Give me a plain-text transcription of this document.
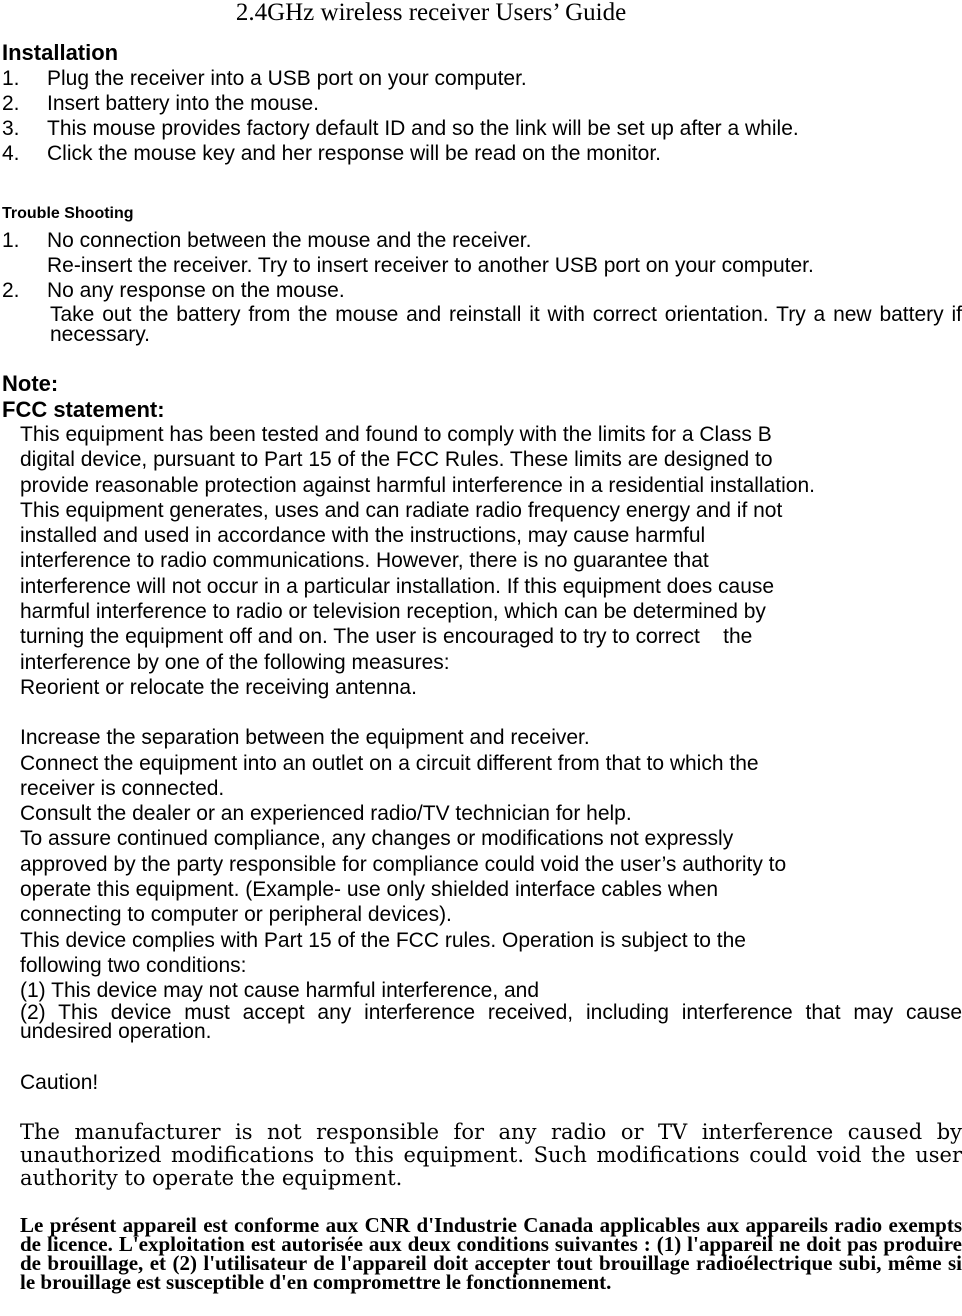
2.4GHz wireless receiver Users’ Guide
Installation
1. Plug the receiver into a USB port on your computer.
2. Insert battery into the mouse.
3. This mouse provides factory default ID and so the link will be set up after a while.
4. Click the mouse key and her response will be read on the monitor.
Trouble Shooting
1. No connection between the mouse and the receiver.
Re-insert the receiver. Try to insert receiver to another USB port on your computer.
2. No any response on the mouse.
Take out the battery from the mouse and reinstall it with correct orientation. Try a new battery if necessary.
Note:
FCC statement:

This equipment has been tested and found to comply with the limits for a Class B

digital device, pursuant to Part 15 of the FCC Rules. These limits are designed to

provide reasonable protection against harmful interference in a residential installation.

This equipment generates, uses and can radiate radio frequency energy and if not

installed and used in accordance with the instructions, may cause harmful

interference to radio communications. However, there is no guarantee that

interference will not occur in a particular installation. If this equipment does cause

harmful interference to radio or television reception, which can be determined by

turning the equipment off and on. The user is encouraged to try to correct    the

interference by one of the following measures:

Reorient or relocate the receiving antenna.

Increase the separation between the equipment and receiver.

Connect the equipment into an outlet on a circuit different from that to which the

receiver is connected.

Consult the dealer or an experienced radio/TV technician for help.

To assure continued compliance, any changes or modifications not expressly

approved by the party responsible for compliance could void the user’s authority to

operate this equipment. (Example- use only shielded interface cables when

connecting to computer or peripheral devices).

This device complies with Part 15 of the FCC rules. Operation is subject to the

following two conditions:

(1) This device may not cause harmful interference, and

(2) This device must accept any interference received, including interference that may cause undesired operation.
Caution!
The manufacturer is not responsible for any radio or TV interference caused by unauthorized modifications to this equipment. Such modifications could void the user authority to operate the equipment.
Le présent appareil est conforme aux CNR d'Industrie Canada applicables aux appareils radio exempts de licence. L'exploitation est autorisée aux deux conditions suivantes : (1) l'appareil ne doit pas produire de brouillage, et (2) l'utilisateur de l'appareil doit accepter tout brouillage radioélectrique subi, même si le brouillage est susceptible d'en compromettre le fonctionnement.
